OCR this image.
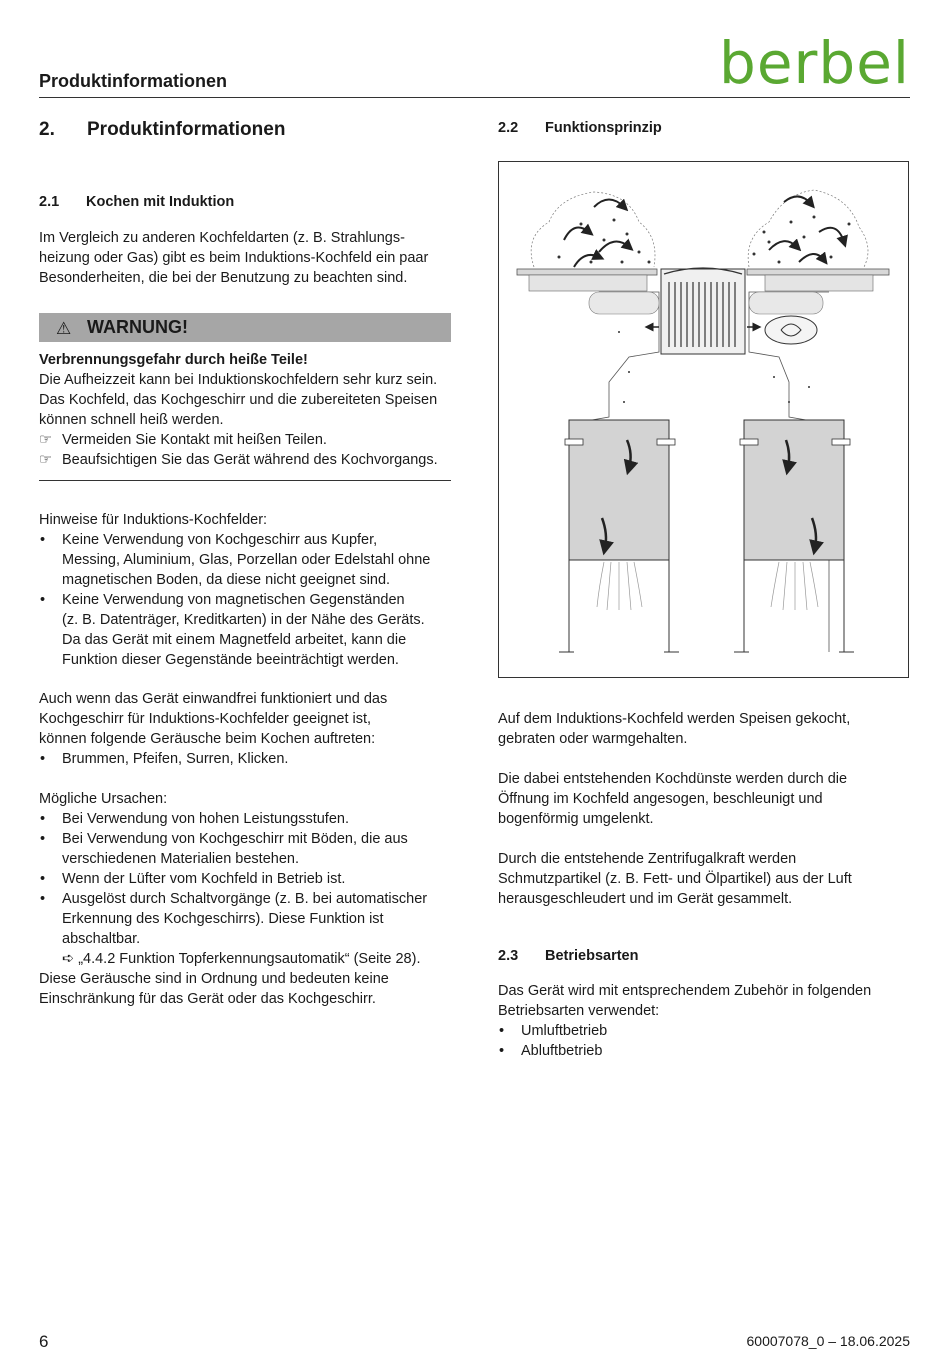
Produktinformationen	berbel
2. Produktinformationen
2.1 Kochen mit Induktion

Im Vergleich zu anderen Kochfeldarten (z. B. Strahlungs-

heizung oder Gas) gibt es beim Induktions-Kochfeld ein paar

Besonderheiten, die bei der Benutzung zu beachten sind.

⚠ WARNUNG!

Verbrennungsgefahr durch heiße Teile!

Die Aufheizzeit kann bei Induktionskochfeldern sehr kurz sein.

Das Kochfeld, das Kochgeschirr und die zubereiteten Speisen

können schnell heiß werden.

☞ Vermeiden Sie Kontakt mit heißen Teilen.

☞ Beaufsichtigen Sie das Gerät während des Kochvorgangs.

Hinweise für Induktions-Kochfelder:

• Keine Verwendung von Kochgeschirr aus Kupfer,
Messing, Aluminium, Glas, Porzellan oder Edelstahl ohne
magnetischen Boden, da diese nicht geeignet sind.
• Keine Verwendung von magnetischen Gegenständen
(z. B. Datenträger, Kreditkarten) in der Nähe des Geräts.
Da das Gerät mit einem Magnetfeld arbeitet, kann die
Funktion dieser Gegenstände beeinträchtigt werden.

Auch wenn das Gerät einwandfrei funktioniert und das

Kochgeschirr für Induktions-Kochfelder geeignet ist,

können folgende Geräusche beim Kochen auftreten:

• Brummen, Pfeifen, Surren, Klicken.

Mögliche Ursachen:

• Bei Verwendung von hohen Leistungsstufen.
• Bei Verwendung von Kochgeschirr mit Böden, die aus
verschiedenen Materialien bestehen.
• Wenn der Lüfter vom Kochfeld in Betrieb ist.
• Ausgelöst durch Schaltvorgänge (z. B. bei automatischer
Erkennung des Kochgeschirrs). Diese Funktion ist
abschaltbar.

➪ „4.4.2 Funktion Topferkennungsautomatik“ (Seite 28).

Diese Geräusche sind in Ordnung und bedeuten keine

Einschränkung für das Gerät oder das Kochgeschirr.

2.2 Funktionsprinzip

Auf dem Induktions-Kochfeld werden Speisen gekocht,

gebraten oder warmgehalten.

Die dabei entstehenden Kochdünste werden durch die

Öffnung im Kochfeld angesogen, beschleunigt und

bogenförmig umgelenkt.

Durch die entstehende Zentrifugalkraft werden

Schmutzpartikel (z. B. Fett- und Ölpartikel) aus der Luft

herausgeschleudert und im Gerät gesammelt.

2.3 Betriebsarten

Das Gerät wird mit entsprechendem Zubehör in folgenden

Betriebsarten verwendet:

• Umluftbetrieb
• Abluftbetrieb
6	60007078_0 – 18.06.2025
